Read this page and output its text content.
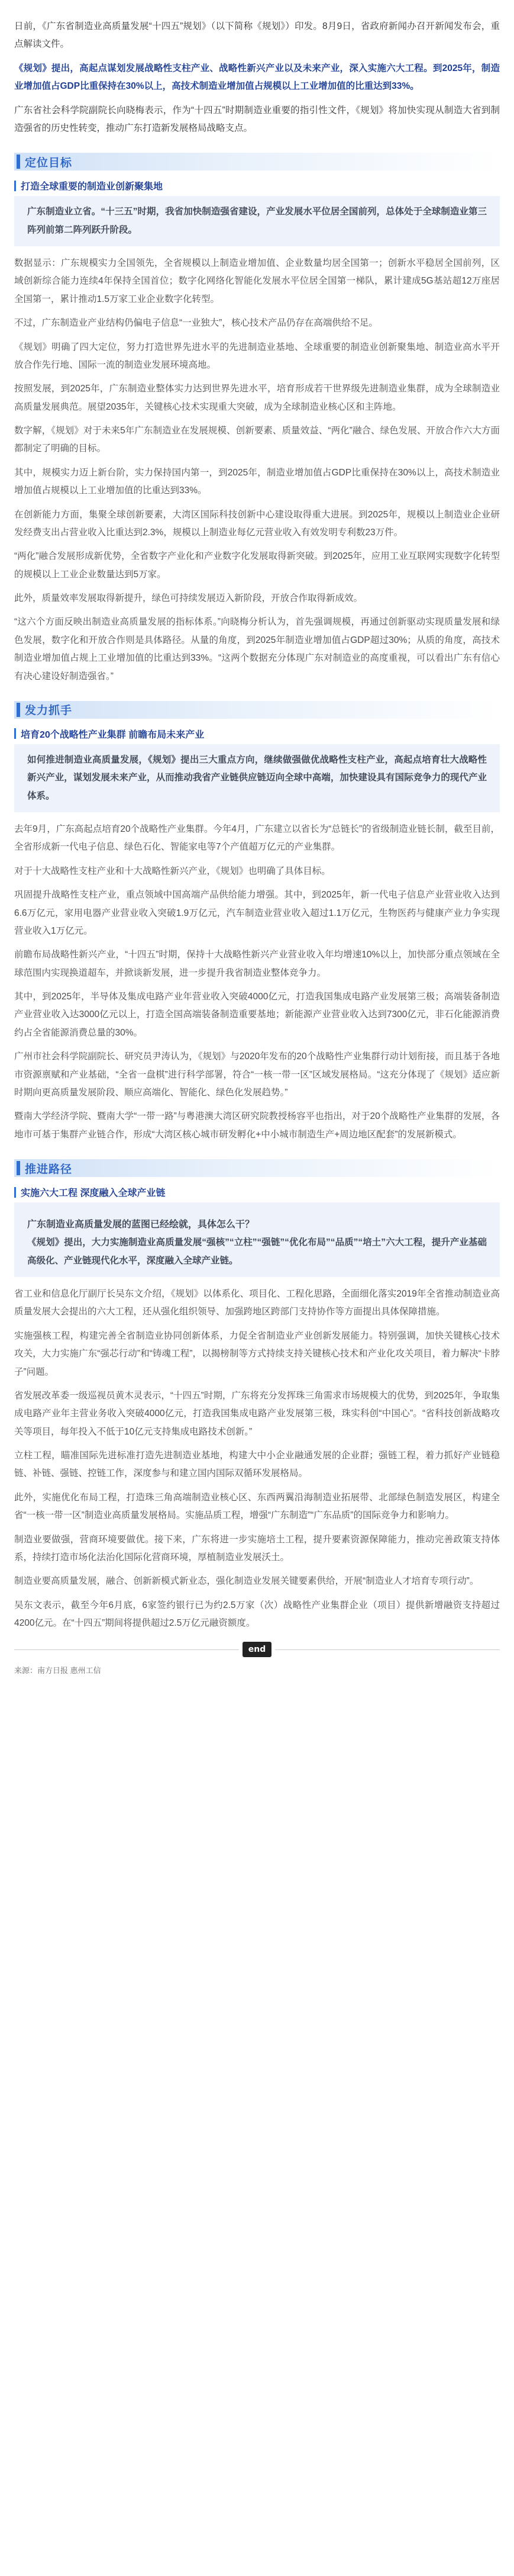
日前，《广东省制造业高质量发展“十四五”规划》（以下简称《规划》）印发。8月9日，省政府新闻办召开新闻发布会，重点解读文件。

《规划》提出，高起点谋划发展战略性支柱产业、战略性新兴产业以及未来产业，深入实施六大工程。到2025年，制造业增加值占GDP比重保持在30%以上，高技术制造业增加值占规模以上工业增加值的比重达到33%。

广东省社会科学院副院长向晓梅表示，作为“十四五”时期制造业重要的指引性文件，《规划》将加快实现从制造大省到制造强省的历史性转变，推动广东打造新发展格局战略支点。

定位目标
打造全球重要的制造业创新聚集地

广东制造业立省。“十三五”时期，我省加快制造强省建设，产业发展水平位居全国前列，总体处于全球制造业第三阵列前第二阵列跃升阶段。

数据显示：广东规模实力全国领先，全省规模以上制造业增加值、企业数量均居全国第一；创新水平稳居全国前列，区域创新综合能力连续4年保持全国首位；数字化网络化智能化发展水平位居全国第一梯队，累计建成5G基站超12万座居全国第一，累计推动1.5万家工业企业数字化转型。

不过，广东制造业产业结构仍偏电子信息“一业独大”，核心技术产品仍存在高端供给不足。

《规划》明确了四大定位，努力打造世界先进水平的先进制造业基地、全球重要的制造业创新聚集地、制造业高水平开放合作先行地、国际一流的制造业发展环境高地。

按照发展，到2025年，广东制造业整体实力达到世界先进水平，培育形成若干世界级先进制造业集群，成为全球制造业高质量发展典范。展望2035年，关键核心技术实现重大突破，成为全球制造业核心区和主阵地。

数字解，《规划》对于未来5年广东制造业在发展规模、创新要素、质量效益、“两化”融合、绿色发展、开放合作六大方面都制定了明确的目标。

其中，规模实力迈上新台阶，实力保持国内第一，到2025年，制造业增加值占GDP比重保持在30%以上，高技术制造业增加值占规模以上工业增加值的比重达到33%。

在创新能力方面，集聚全球创新要素，大湾区国际科技创新中心建设取得重大进展。到2025年，规模以上制造业企业研发经费支出占营业收入比重达到2.3%，规模以上制造业每亿元营业收入有效发明专利数23万件。

“两化”融合发展形成新优势，全省数字产业化和产业数字化发展取得新突破。到2025年，应用工业互联网实现数字化转型的规模以上工业企业数量达到5万家。

此外，质量效率发展取得新提升，绿色可持续发展迈入新阶段，开放合作取得新成效。

“这六个方面反映出制造业高质量发展的指标体系。”向晓梅分析认为，首先强调规模，再通过创新驱动实现质量发展和绿色发展，数字化和开放合作则是具体路径。从量的角度，到2025年制造业增加值占GDP超过30%；从质的角度，高技术制造业增加值占规上工业增加值的比重达到33%。“这两个数据充分体现广东对制造业的高度重视，可以看出广东有信心有决心建设好制造强省。”

发力抓手
培育20个战略性产业集群 前瞻布局未来产业

如何推进制造业高质量发展，《规划》提出三大重点方向，继续做强做优战略性支柱产业，高起点培育壮大战略性新兴产业，谋划发展未来产业，从而推动我省产业链供应链迈向全球中高端，加快建设具有国际竞争力的现代产业体系。

去年9月，广东高起点培育20个战略性产业集群。今年4月，广东建立以省长为“总链长”的省级制造业链长制，截至目前，全省形成新一代电子信息、绿色石化、智能家电等7个产值超万亿元的产业集群。

对于十大战略性支柱产业和十大战略性新兴产业，《规划》也明确了具体目标。

巩固提升战略性支柱产业，重点领域中国高端产品供给能力增强。其中，到2025年，新一代电子信息产业营业收入达到6.6万亿元，家用电器产业营业收入突破1.9万亿元，汽车制造业营业收入超过1.1万亿元，生物医药与健康产业力争实现营业收入1万亿元。

前瞻布局战略性新兴产业，“十四五”时期，保持十大战略性新兴产业营业收入年均增速10%以上，加快部分重点领域在全球范围内实现换道超车，并掀谈新发展，进一步提升我省制造业整体竞争力。

其中，到2025年，半导体及集成电路产业年营业收入突破4000亿元，打造我国集成电路产业发展第三极；高端装备制造产业营业收入达3000亿元以上，打造全国高端装备制造重要基地；新能源产业营业收入达到7300亿元，非石化能源消费约占全省能源消费总量的30%。

广州市社会科学院副院长、研究员尹涛认为，《规划》与2020年发布的20个战略性产业集群行动计划衔接，而且基于各地市资源禀赋和产业基础，“全省一盘棋”进行科学部署，符合“一核一带一区”区域发展格局。“这充分体现了《规划》适应新时期向更高质量发展阶段、顺应高端化、智能化、绿色化发展趋势。”

暨南大学经济学院、暨南大学“一带一路”与粤港澳大湾区研究院教授杨容平也指出，对于20个战略性产业集群的发展，各地市可基于集群产业链合作，形成“大湾区核心城市研发孵化+中小城市制造生产+周边地区配套”的发展新模式。

推进路径
实施六大工程 深度融入全球产业链

广东制造业高质量发展的蓝图已经绘就，具体怎么干？

《规划》提出，大力实施制造业高质量发展“强核”“立柱”“强链”“优化布局”“品质”“培土”六大工程，提升产业基础高级化、产业链现代化水平，深度融入全球产业链。

省工业和信息化厅副厅长吴东文介绍，《规划》以体系化、项目化、工程化思路，全面细化落实2019年全省推动制造业高质量发展大会提出的六大工程，还从强化组织领导、加强跨地区跨部门支持协作等方面提出具体保障措施。

实施强核工程，构建完善全省制造业协同创新体系，力促全省制造业产业创新发展能力。特别强调，加快关键核心技术攻关，大力实施广东“强芯行动”和“铸魂工程”，以揭榜制等方式持续支持关键核心技术和产业化攻关项目，着力解决“卡脖子”问题。

省发展改革委一级巡视员黄木灵表示，“十四五”时期，广东将充分发挥珠三角需求市场规模大的优势，到2025年，争取集成电路产业年主营业务收入突破4000亿元，打造我国集成电路产业发展第三极，珠实科创“中国心”。“省科技创新战略攻关等项目，每年投入不低于10亿元支持集成电路技术创新。”

立柱工程，瞄准国际先进标准打造先进制造业基地，构建大中小企业融通发展的企业群；强链工程，着力抓好产业链稳链、补链、强链、控链工作，深度参与和建立国内国际双循环发展格局。

此外，实施优化布局工程，打造珠三角高端制造业核心区、东西两翼沿海制造业拓展带、北部绿色制造发展区，构建全省“一核一带一区”制造业高质量发展格局。实施品质工程，增强“广东制造”“广东品质”的国际竞争力和影响力。

制造业要做强，营商环境要做优。接下来，广东将进一步实施培土工程，提升要素资源保障能力，推动完善政策支持体系，持续打造市场化法治化国际化营商环境，厚植制造业发展沃土。

制造业要高质量发展，融合、创新新模式新业态，强化制造业发展关键要素供给，开展“制造业人才培育专项行动”。

吴东文表示，截至今年6月底，6家签约银行已为约2.5万家（次）战略性产业集群企业（项目）提供新增融资支持超过4200亿元。在“十四五”期间将提供超过2.5万亿元融资额度。

end

来源：南方日报 惠州工信
